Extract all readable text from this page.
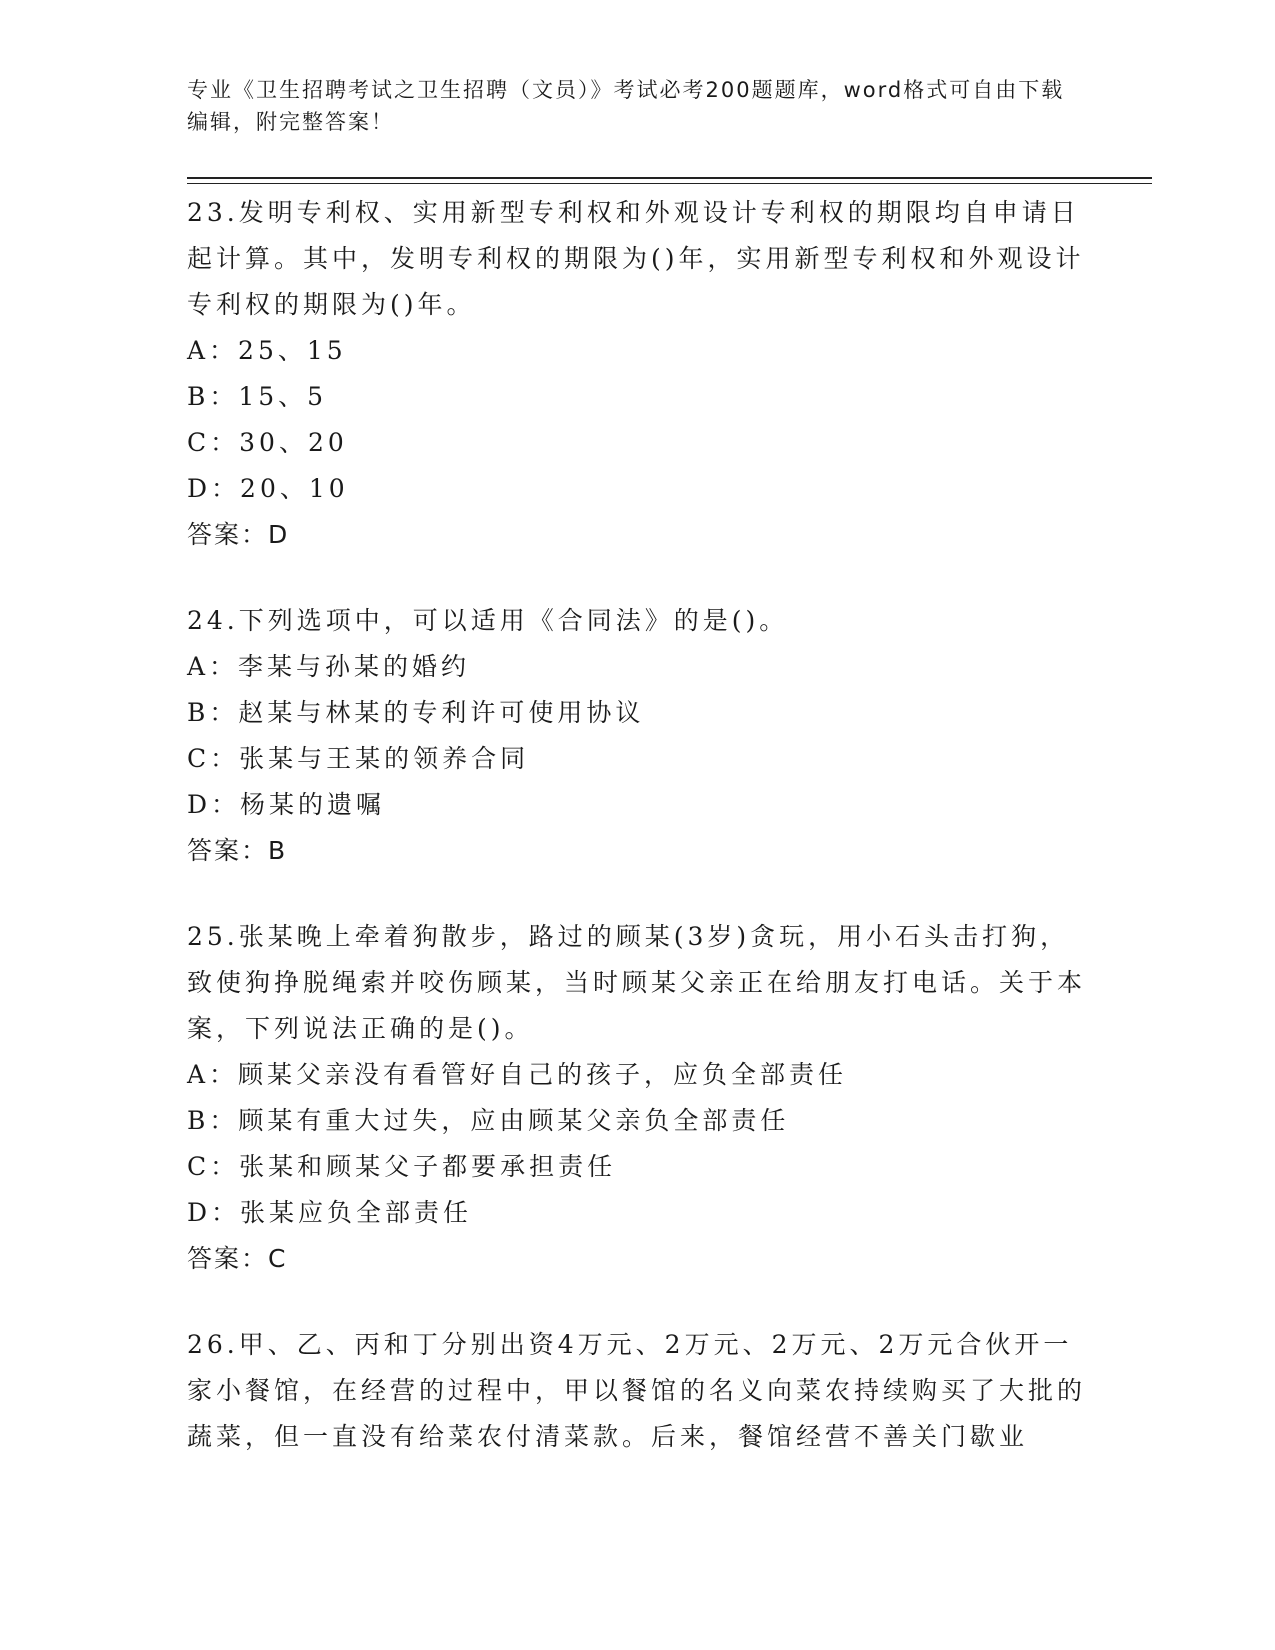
专业《卫生招聘考试之卫生招聘（文员）》考试必考200题题库，word格式可自由下载编辑，附完整答案！
23.发明专利权、实用新型专利权和外观设计专利权的期限均自申请日起计算。其中，发明专利权的期限为()年，实用新型专利权和外观设计专利权的期限为()年。
A：25、15
B：15、5
C：30、20
D：20、10
答案：D
24.下列选项中，可以适用《合同法》的是()。
A：李某与孙某的婚约
B：赵某与林某的专利许可使用协议
C：张某与王某的领养合同
D：杨某的遗嘱
答案：B
25.张某晚上牵着狗散步，路过的顾某(3岁)贪玩，用小石头击打狗，致使狗挣脱绳索并咬伤顾某，当时顾某父亲正在给朋友打电话。关于本案，下列说法正确的是()。
A：顾某父亲没有看管好自己的孩子，应负全部责任
B：顾某有重大过失，应由顾某父亲负全部责任
C：张某和顾某父子都要承担责任
D：张某应负全部责任
答案：C
26.甲、乙、丙和丁分别出资4万元、2万元、2万元、2万元合伙开一家小餐馆，在经营的过程中，甲以餐馆的名义向菜农持续购买了大批的蔬菜，但一直没有给菜农付清菜款。后来，餐馆经营不善关门歇业
